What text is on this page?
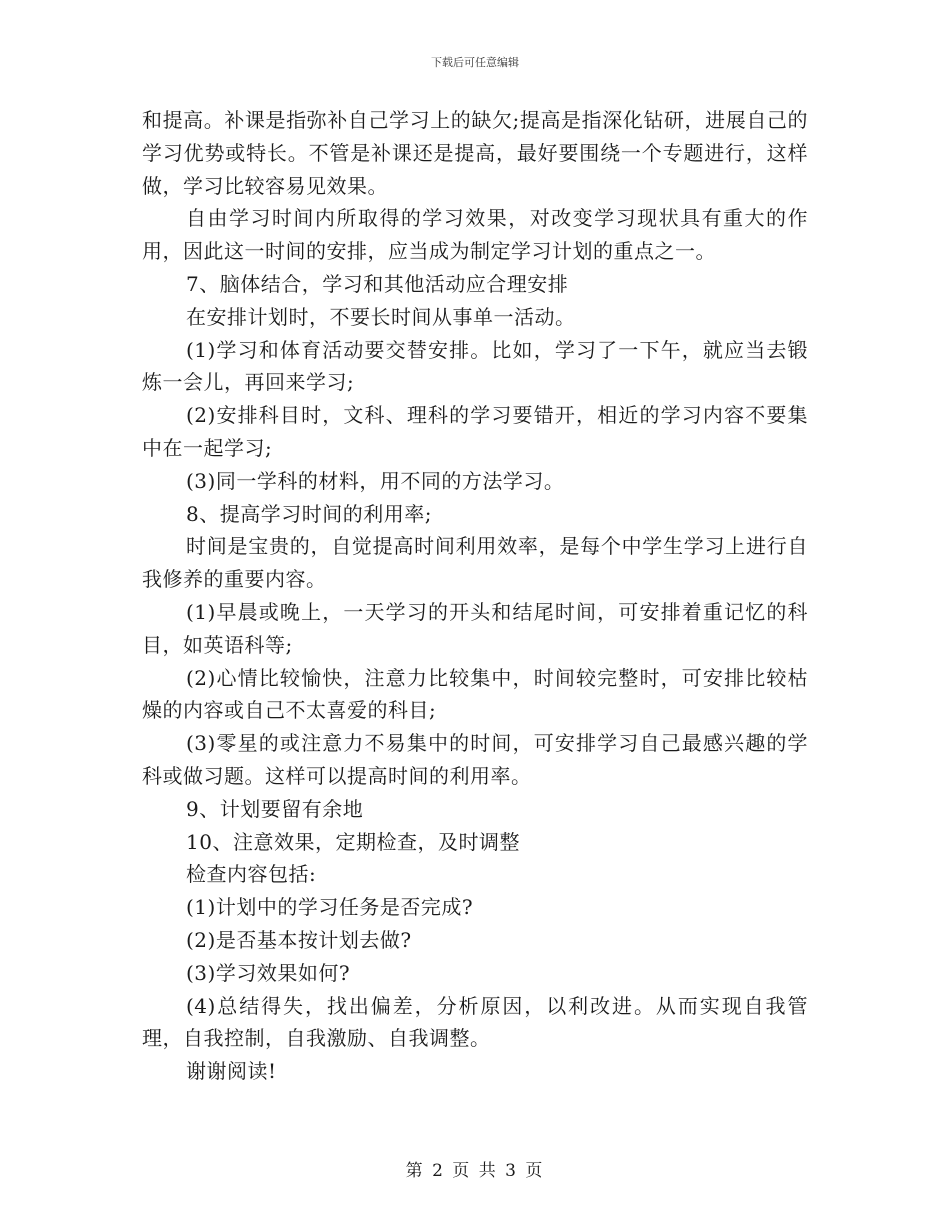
下载后可任意编辑

和提高。补课是指弥补自己学习上的缺欠;提高是指深化钻研，进展自己的学习优势或特长。不管是补课还是提高，最好要围绕一个专题进行，这样做，学习比较容易见效果。

自由学习时间内所取得的学习效果，对改变学习现状具有重大的作用，因此这一时间的安排，应当成为制定学习计划的重点之一。

7、脑体结合，学习和其他活动应合理安排

在安排计划时，不要长时间从事单一活动。

(1)学习和体育活动要交替安排。比如，学习了一下午，就应当去锻炼一会儿，再回来学习;

(2)安排科目时，文科、理科的学习要错开，相近的学习内容不要集中在一起学习;

(3)同一学科的材料，用不同的方法学习。

8、提高学习时间的利用率;

时间是宝贵的，自觉提高时间利用效率，是每个中学生学习上进行自我修养的重要内容。

(1)早晨或晚上，一天学习的开头和结尾时间，可安排着重记忆的科目，如英语科等;

(2)心情比较愉快，注意力比较集中，时间较完整时，可安排比较枯燥的内容或自己不太喜爱的科目;

(3)零星的或注意力不易集中的时间，可安排学习自己最感兴趣的学科或做习题。这样可以提高时间的利用率。

9、计划要留有余地

10、注意效果，定期检查，及时调整

检查内容包括:

(1)计划中的学习任务是否完成?

(2)是否基本按计划去做?

(3)学习效果如何?

(4)总结得失，找出偏差，分析原因，以利改进。从而实现自我管理，自我控制，自我激励、自我调整。

谢谢阅读!

第 2 页 共 3 页
